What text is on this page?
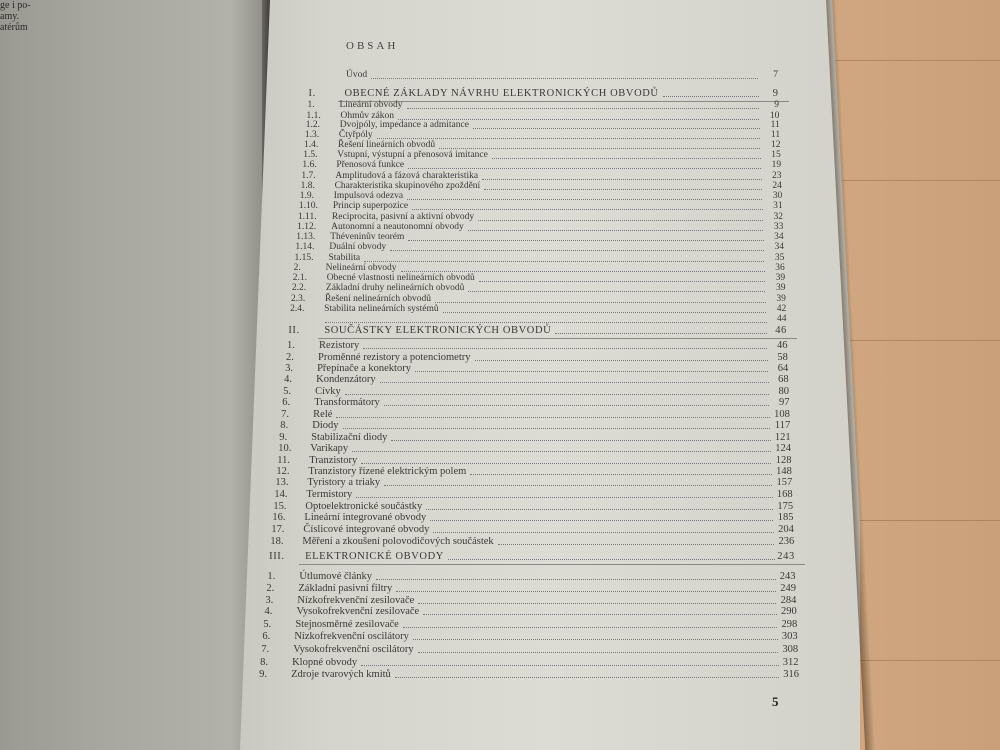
ge i po-
amy.
atérům
OBSAH
5
Úvod	7
I.	OBECNÉ ZÁKLADY NÁVRHU ELEKTRONICKÝCH OBVODŮ	9
1.	Lineární obvody	9
1.1. Ohmův zákon	10
1.2. Dvojpóly, impedance a admitance	11
1.3. Čtyřpóly	11
1.4. Řešení lineárních obvodů	12
1.5. Vstupní, výstupní a přenosová imitance	15
1.6. Přenosová funkce	19
1.7. Amplitudová a fázová charakteristika	23
1.8. Charakteristika skupinového zpoždění	24
1.9. Impulsová odezva	30
1.10. Princip superpozice	31
1.11. Reciprocita, pasivní a aktivní obvody	32
1.12. Autonomní a neautonomní obvody	33
1.13. Théveninův teorém	34
1.14. Duální obvody	34
1.15. Stabilita	35
2.	Nelineární obvody	36
2.1. Obecné vlastnosti nelineárních obvodů	39
2.2. Základní druhy nelineárních obvodů	39
2.3. Řešení nelineárních obvodů	39
2.4. Stabilita nelineárních systémů	42
44
II. SOUČÁSTKY ELEKTRONICKÝCH OBVODŮ	46
1. Rezistory	46
2. Proměnné rezistory a potenciometry	58
3. Přepínače a konektory	64
4. Kondenzátory	68
5. Cívky	80
6. Transformátory	97
7. Relé	108
8. Diody	117
9. Stabilizační diody	121
10. Varikapy	124
11. Tranzistory	128
12. Tranzistory řízené elektrickým polem	148
13. Tyristory a triaky	157
14. Termistory	168
15. Optoelektronické součástky	175
16. Lineární integrované obvody	185
17. Číslicové integrované obvody	204
18. Měření a zkoušení polovodičových součástek	236
III. ELEKTRONICKÉ OBVODY	243
1. Útlumové články	243
2. Základní pasivní filtry	249
3. Nízkofrekvenční zesilovače	284
4. Vysokofrekvenční zesilovače	290
5. Stejnosměrné zesilovače	298
6. Nízkofrekvenční oscilátory	303
7. Vysokofrekvenční oscilátory	308
8. Klopné obvody	312
9. Zdroje tvarových kmitů	316
